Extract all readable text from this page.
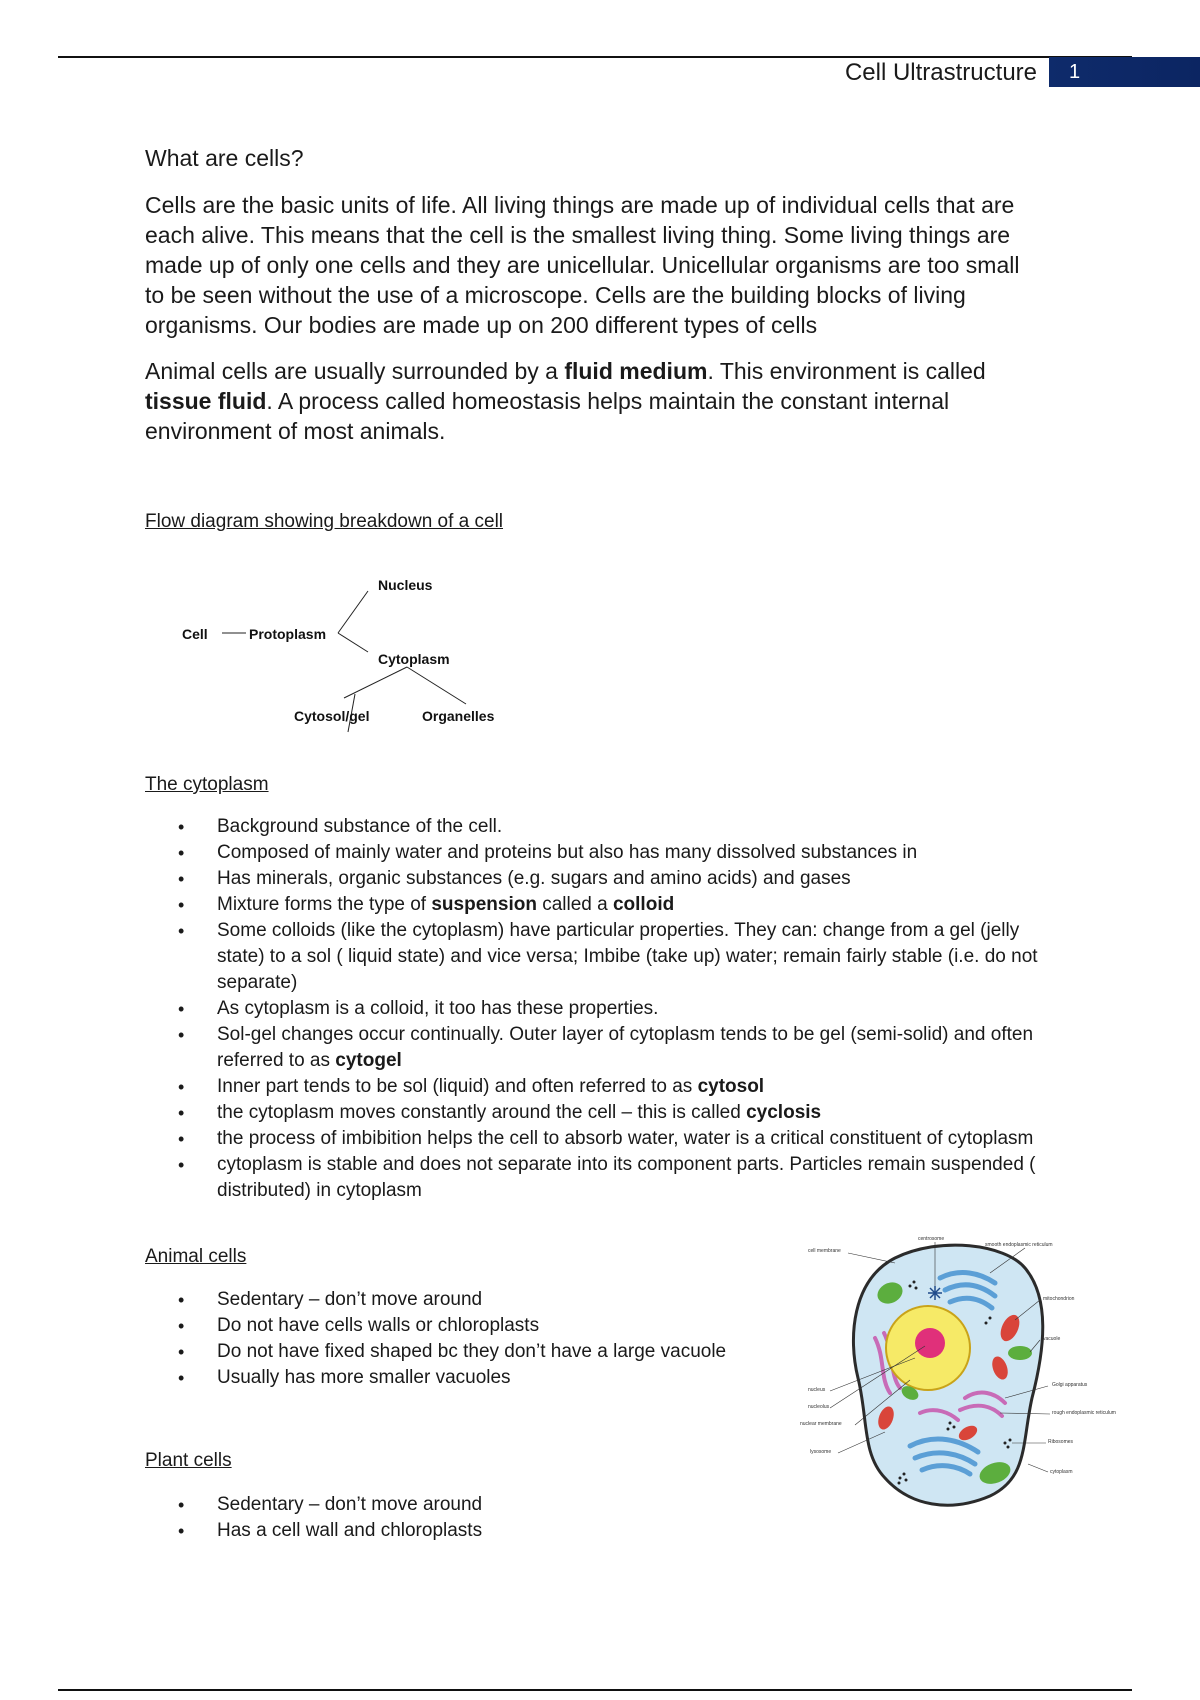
Cell Ultrastructure	1
What are cells?

Cells are the basic units of life. All living things are made up of individual cells that are each alive. This means that the cell is the smallest living thing. Some living things are made up of only one cells and they are unicellular. Unicellular organisms are too small to be seen without the use of a microscope. Cells are the building blocks of living organisms. Our bodies are made up on 200 different types of cells

Animal cells are usually surrounded by a fluid medium. This environment is called tissue fluid. A process called homeostasis helps maintain the constant internal environment of most animals.

Flow diagram showing breakdown of a cell

Cell	Protoplasm
Nucleus
Cytoplasm
Cytosol/gel	Organelles

The cytoplasm

• Background substance of the cell.
• Composed of mainly water and proteins but also has many dissolved substances in
• Has minerals, organic substances (e.g. sugars and amino acids) and gases
• Mixture forms the type of suspension called a colloid
• Some colloids (like the cytoplasm) have particular properties. They can: change from a gel (jelly state) to a sol ( liquid state) and vice versa; Imbibe (take up) water; remain fairly stable (i.e. do not separate)
• As cytoplasm is a colloid, it too has these properties.
• Sol-gel changes occur continually. Outer layer of cytoplasm tends to be gel (semi-solid) and often referred to as cytogel
• Inner part tends to be sol (liquid) and often referred to as cytosol
• the cytoplasm moves constantly around the cell – this is called cyclosis
• the process of imbibition helps the cell to absorb water, water is a critical constituent of cytoplasm
• cytoplasm is stable and does not separate into its component parts. Particles remain suspended ( distributed) in cytoplasm

Animal cells

• Sedentary – don’t move around
• Do not have cells walls or chloroplasts
• Do not have fixed shaped bc they don’t have a large vacuole
• Usually has more smaller vacuoles

Plant cells

• Sedentary – don’t move around
• Has a cell wall and chloroplasts
cell membrane
centrosome
smooth endoplasmic reticulum
mitochondrion
vacuole
Golgi apparatus
rough endoplasmic reticulum
Ribosomes
cytoplasm
nucleus
nucleolus
nuclear membrane
lysosome
